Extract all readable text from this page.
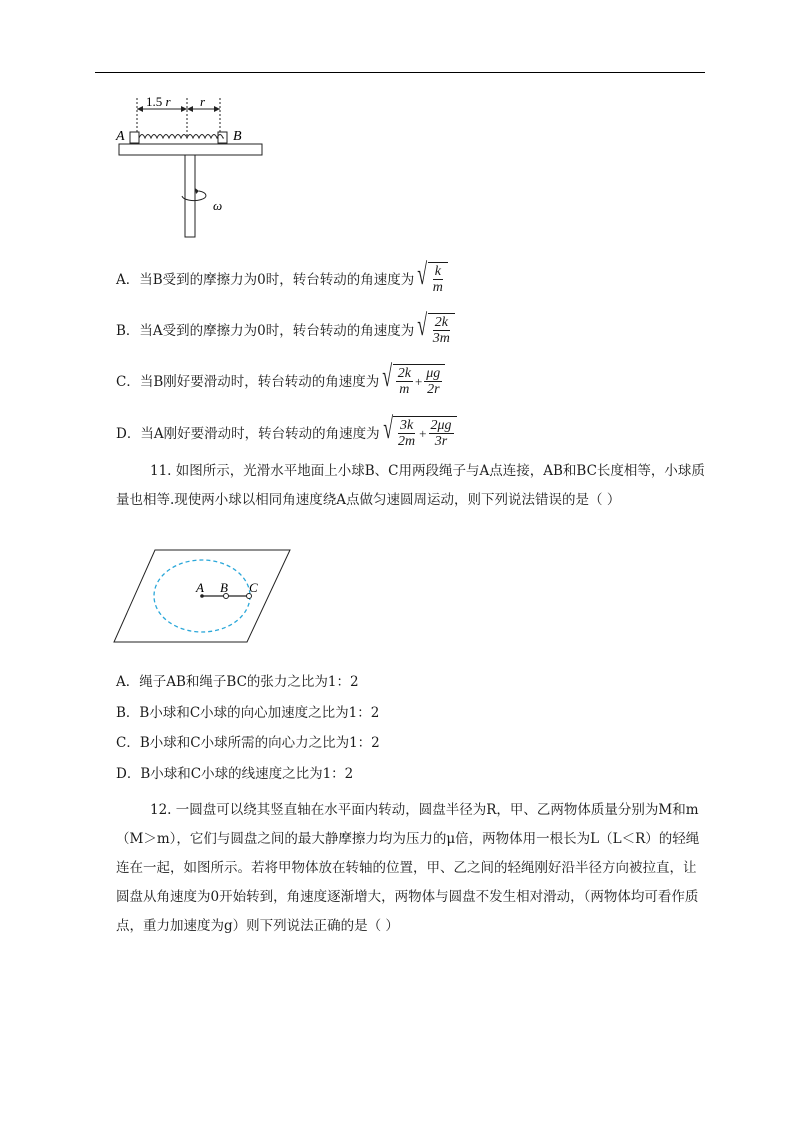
1.5 r r
A	B
ω
A．当B受到的摩擦力为0时，转台转动的角速度为 √ $\frac{k}{m}$
B．当A受到的摩擦力为0时，转台转动的角速度为 √ $\frac{2k}{3m}$
C．当B刚好要滑动时，转台转动的角速度为 √ $\frac{2k}{m} + \frac{\mu g}{2r}$
D．当A刚好要滑动时，转台转动的角速度为 √ $\frac{3k}{2m} + \frac{2\mu g}{3r}$
11. 如图所示，光滑水平地面上小球B、C用两段绳子与A点连接，AB和BC长度相等，小球质量也相等.现使两小球以相同角速度绕A点做匀速圆周运动，则下列说法错误的是（ ）
A B C
A．绳子AB和绳子BC的张力之比为1：2
B．B小球和C小球的向心加速度之比为1：2
C．B小球和C小球所需的向心力之比为1：2
D．B小球和C小球的线速度之比为1：2
12. 一圆盘可以绕其竖直轴在水平面内转动，圆盘半径为R，甲、乙两物体质量分别为M和m（M＞m），它们与圆盘之间的最大静摩擦力均为压力的μ倍，两物体用一根长为L（L＜R）的轻绳连在一起，如图所示。若将甲物体放在转轴的位置，甲、乙之间的轻绳刚好沿半径方向被拉直，让圆盘从角速度为0开始转到，角速度逐渐增大，两物体与圆盘不发生相对滑动，（两物体均可看作质点，重力加速度为g）则下列说法正确的是（ ）
